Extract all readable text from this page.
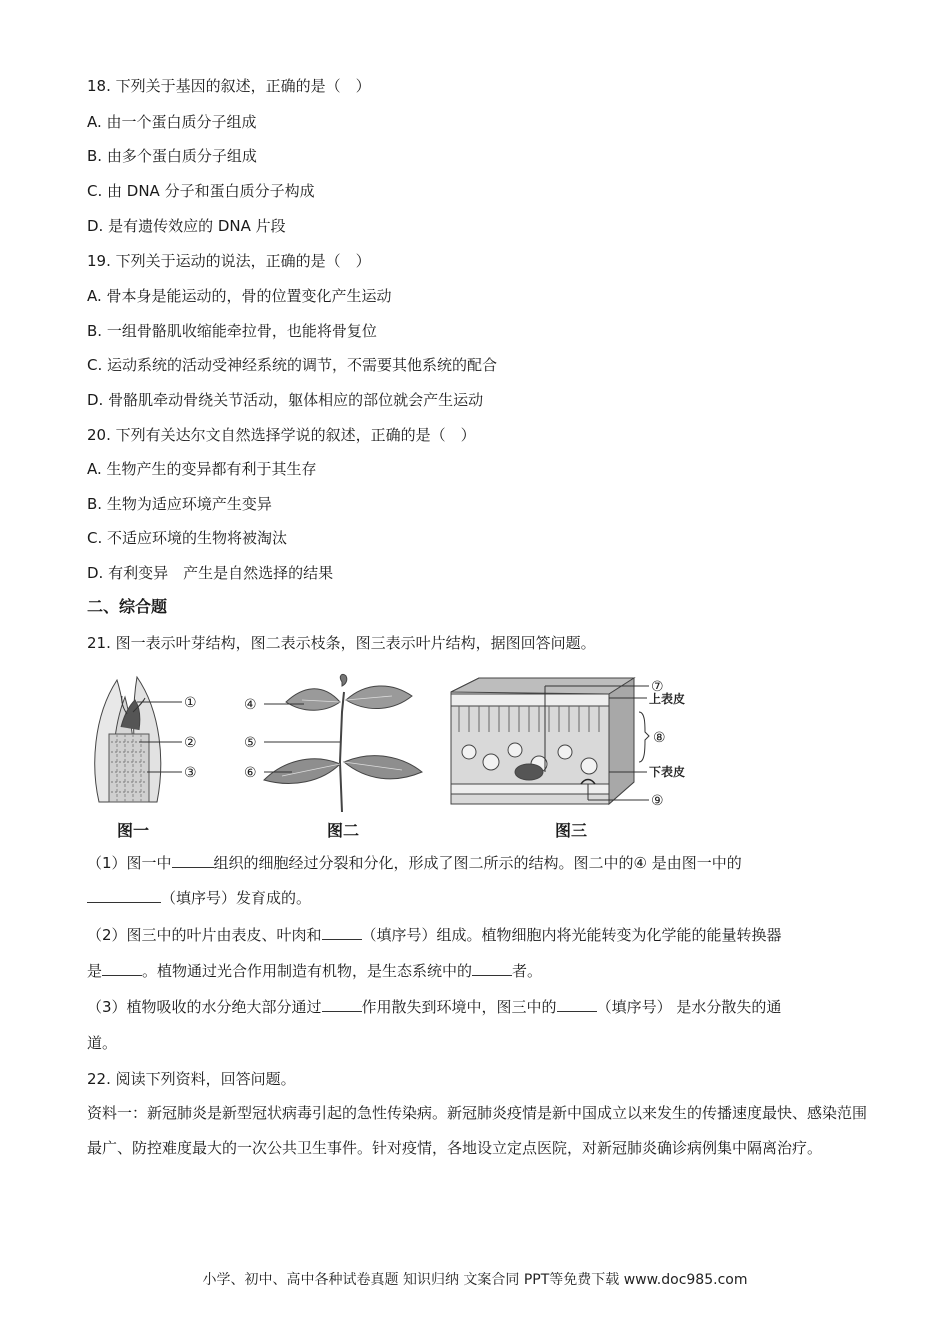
18. 下列关于基因的叙述，正确的是（　）
A. 由一个蛋白质分子组成
B. 由多个蛋白质分子组成
C. 由 DNA 分子和蛋白质分子构成
D. 是有遗传效应的 DNA 片段
19. 下列关于运动的说法，正确的是（　）
A. 骨本身是能运动的，骨的位置变化产生运动
B. 一组骨骼肌收缩能牵拉骨，也能将骨复位
C. 运动系统的活动受神经系统的调节，不需要其他系统的配合
D. 骨骼肌牵动骨绕关节活动，躯体相应的部位就会产生运动
20. 下列有关达尔文自然选择学说的叙述，正确的是（　）
A. 生物产生的变异都有利于其生存
B. 生物为适应环境产生变异
C. 不适应环境的生物将被淘汰
D. 有利变异　产生是自然选择的结果
二、综合题
21. 图一表示叶芽结构，图二表示枝条，图三表示叶片结构，据图回答问题。
①
②
③
④
⑤
⑥
⑦
上表皮
⑧
下表皮
⑨
图一	图二	图三
（1）图一中	组织的细胞经过分裂和分化，形成了图二所示的结构。图二中的④ 是由图一中的
（填序号）发育成的。
（2）图三中的叶片由表皮、叶肉和	（填序号）组成。植物细胞内将光能转变为化学能的能量转换器
是	。植物通过光合作用制造有机物，是生态系统中的	者。
（3）植物吸收的水分绝大部分通过	作用散失到环境中，图三中的	（填序号） 是水分散失的通
道。
22. 阅读下列资料，回答问题。
资料一：新冠肺炎是新型冠状病毒引起的急性传染病。新冠肺炎疫情是新中国成立以来发生的传播速度最快、感染范围最广、防控难度最大的一次公共卫生事件。针对疫情，各地设立定点医院，对新冠肺炎确诊病例集中隔离治疗。
小学、初中、高中各种试卷真题 知识归纳 文案合同 PPT等免费下载 www.doc985.com
